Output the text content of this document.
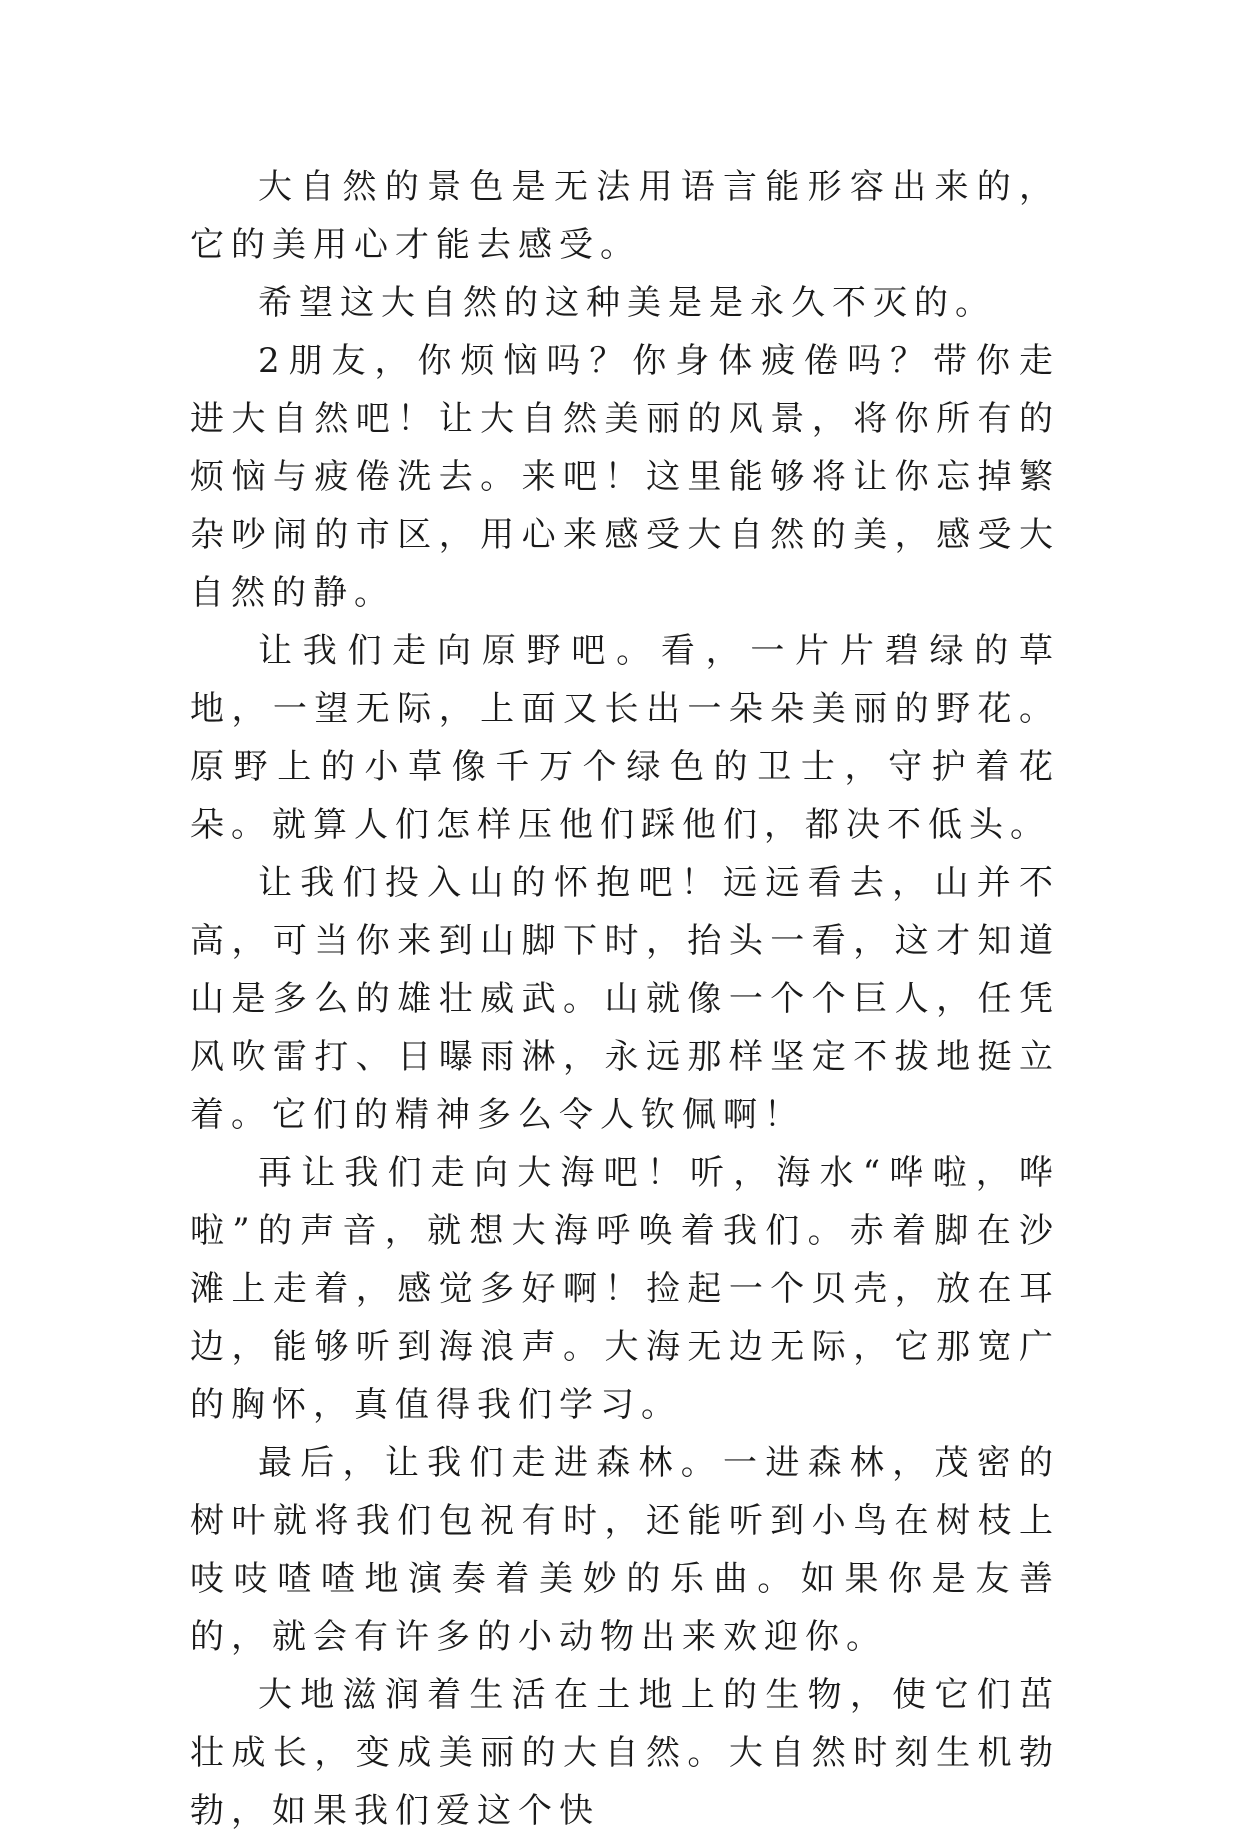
大自然的景色是无法用语言能形容出来的，它的美用心才能去感受。

希望这大自然的这种美是是永久不灭的。

2朋友，你烦恼吗？你身体疲倦吗？带你走进大自然吧！让大自然美丽的风景，将你所有的烦恼与疲倦洗去。来吧！这里能够将让你忘掉繁杂吵闹的市区，用心来感受大自然的美，感受大自然的静。

让我们走向原野吧。看，一片片碧绿的草地，一望无际，上面又长出一朵朵美丽的野花。原野上的小草像千万个绿色的卫士，守护着花朵。就算人们怎样压他们踩他们，都决不低头。

让我们投入山的怀抱吧！远远看去，山并不高，可当你来到山脚下时，抬头一看，这才知道山是多么的雄壮威武。山就像一个个巨人，任凭风吹雷打、日曝雨淋，永远那样坚定不拔地挺立着。它们的精神多么令人钦佩啊！

再让我们走向大海吧！听，海水“哗啦，哗啦”的声音，就想大海呼唤着我们。赤着脚在沙滩上走着，感觉多好啊！捡起一个贝壳，放在耳边，能够听到海浪声。大海无边无际，它那宽广的胸怀，真值得我们学习。

最后，让我们走进森林。一进森林，茂密的树叶就将我们包祝有时，还能听到小鸟在树枝上吱吱喳喳地演奏着美妙的乐曲。如果你是友善的，就会有许多的小动物出来欢迎你。

大地滋润着生活在土地上的生物，使它们茁壮成长，变成美丽的大自然。大自然时刻生机勃勃，如果我们爱这个快
